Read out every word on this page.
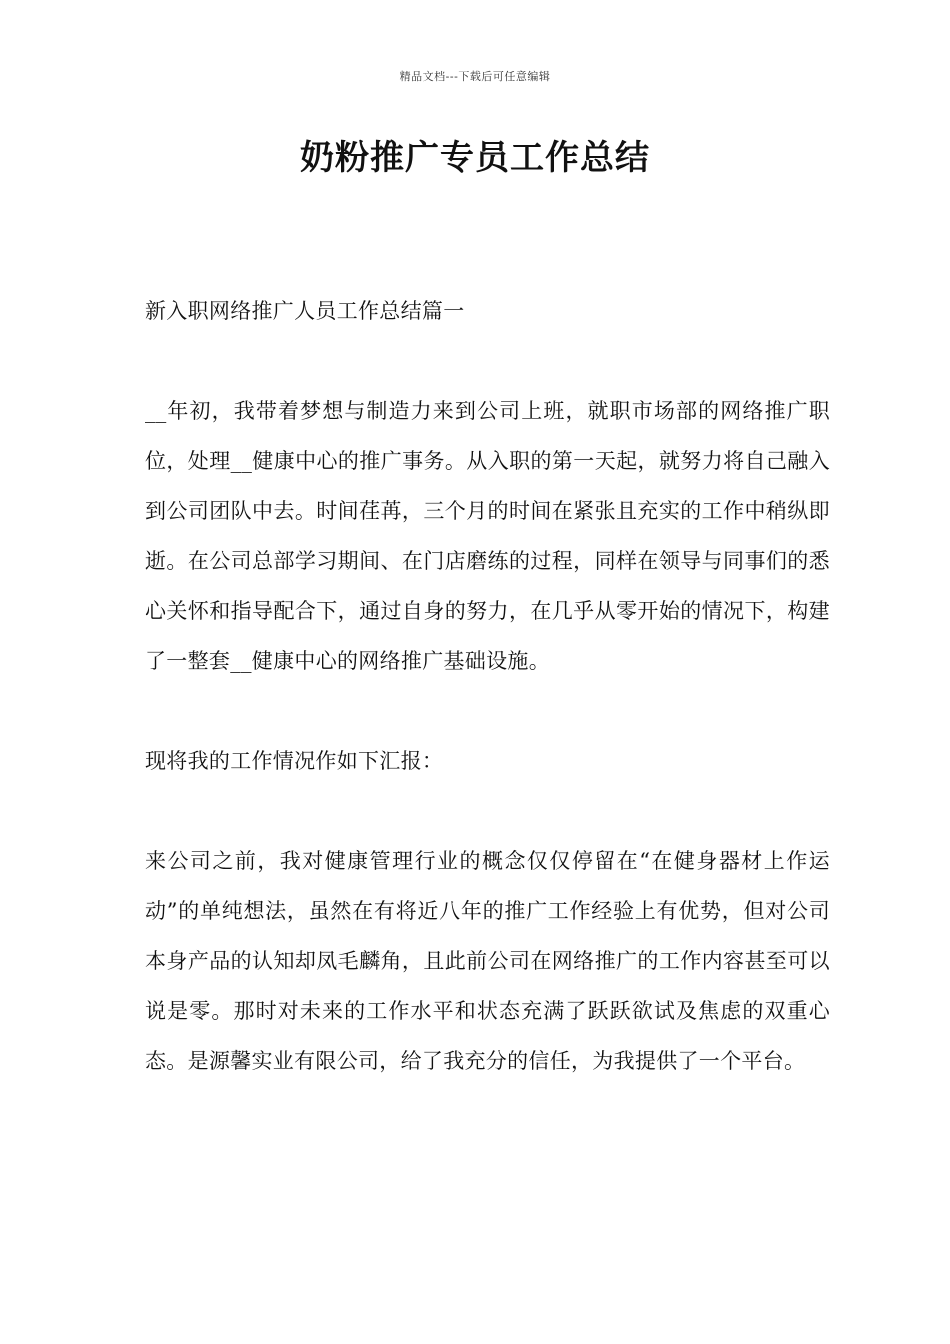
精品文档---下载后可任意编辑
奶粉推广专员工作总结

新入职网络推广人员工作总结篇一

__年初，我带着梦想与制造力来到公司上班，就职市场部的网络推广职位，处理__健康中心的推广事务。从入职的第一天起，就努力将自己融入到公司团队中去。时间荏苒，三个月的时间在紧张且充实的工作中稍纵即逝。在公司总部学习期间、在门店磨练的过程，同样在领导与同事们的悉心关怀和指导配合下，通过自身的努力，在几乎从零开始的情况下，构建了一整套__健康中心的网络推广基础设施。

现将我的工作情况作如下汇报：

来公司之前，我对健康管理行业的概念仅仅停留在“在健身器材上作运动”的单纯想法，虽然在有将近八年的推广工作经验上有优势，但对公司本身产品的认知却凤毛麟角，且此前公司在网络推广的工作内容甚至可以说是零。那时对未来的工作水平和状态充满了跃跃欲试及焦虑的双重心态。是源馨实业有限公司，给了我充分的信任，为我提供了一个平台。
